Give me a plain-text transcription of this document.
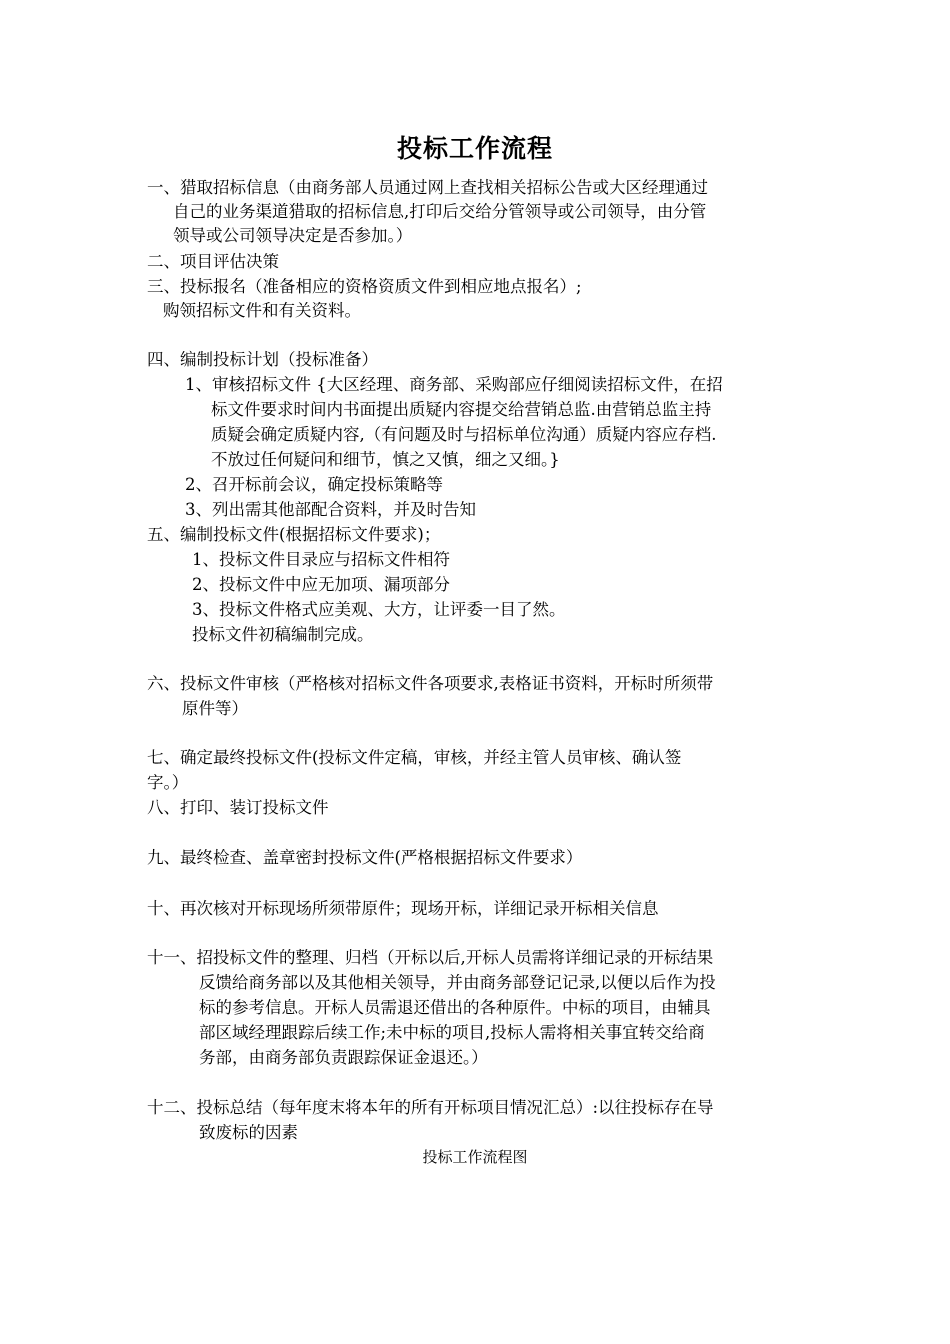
投标工作流程
一、猎取招标信息（由商务部人员通过网上查找相关招标公告或大区经理通过
自己的业务渠道猎取的招标信息,打印后交给分管领导或公司领导，由分管
领导或公司领导决定是否参加。）
二、项目评估决策
三、投标报名（准备相应的资格资质文件到相应地点报名）;
购领招标文件和有关资料。
四、编制投标计划（投标准备）
1、审核招标文件 {大区经理、商务部、采购部应仔细阅读招标文件，在招
标文件要求时间内书面提出质疑内容提交给营销总监.由营销总监主持
质疑会确定质疑内容,（有问题及时与招标单位沟通）质疑内容应存档.
不放过任何疑问和细节，慎之又慎，细之又细。}
2、召开标前会议，确定投标策略等
3、列出需其他部配合资料，并及时告知
五、编制投标文件(根据招标文件要求)；
1、投标文件目录应与招标文件相符
2、投标文件中应无加项、漏项部分
3、投标文件格式应美观、大方，让评委一目了然。
投标文件初稿编制完成。
六、投标文件审核（严格核对招标文件各项要求,表格证书资料，开标时所须带
原件等）
七、确定最终投标文件(投标文件定稿，审核，并经主管人员审核、确认签
字。）
八、打印、装订投标文件
九、最终检查、盖章密封投标文件(严格根据招标文件要求）
十、再次核对开标现场所须带原件；现场开标，详细记录开标相关信息
十一、招投标文件的整理、归档（开标以后,开标人员需将详细记录的开标结果
反馈给商务部以及其他相关领导，并由商务部登记记录,以便以后作为投
标的参考信息。开标人员需退还借出的各种原件。中标的项目，由辅具
部区域经理跟踪后续工作;未中标的项目,投标人需将相关事宜转交给商
务部，由商务部负责跟踪保证金退还。）
十二、投标总结（每年度末将本年的所有开标项目情况汇总）:以往投标存在导
致废标的因素
投标工作流程图
